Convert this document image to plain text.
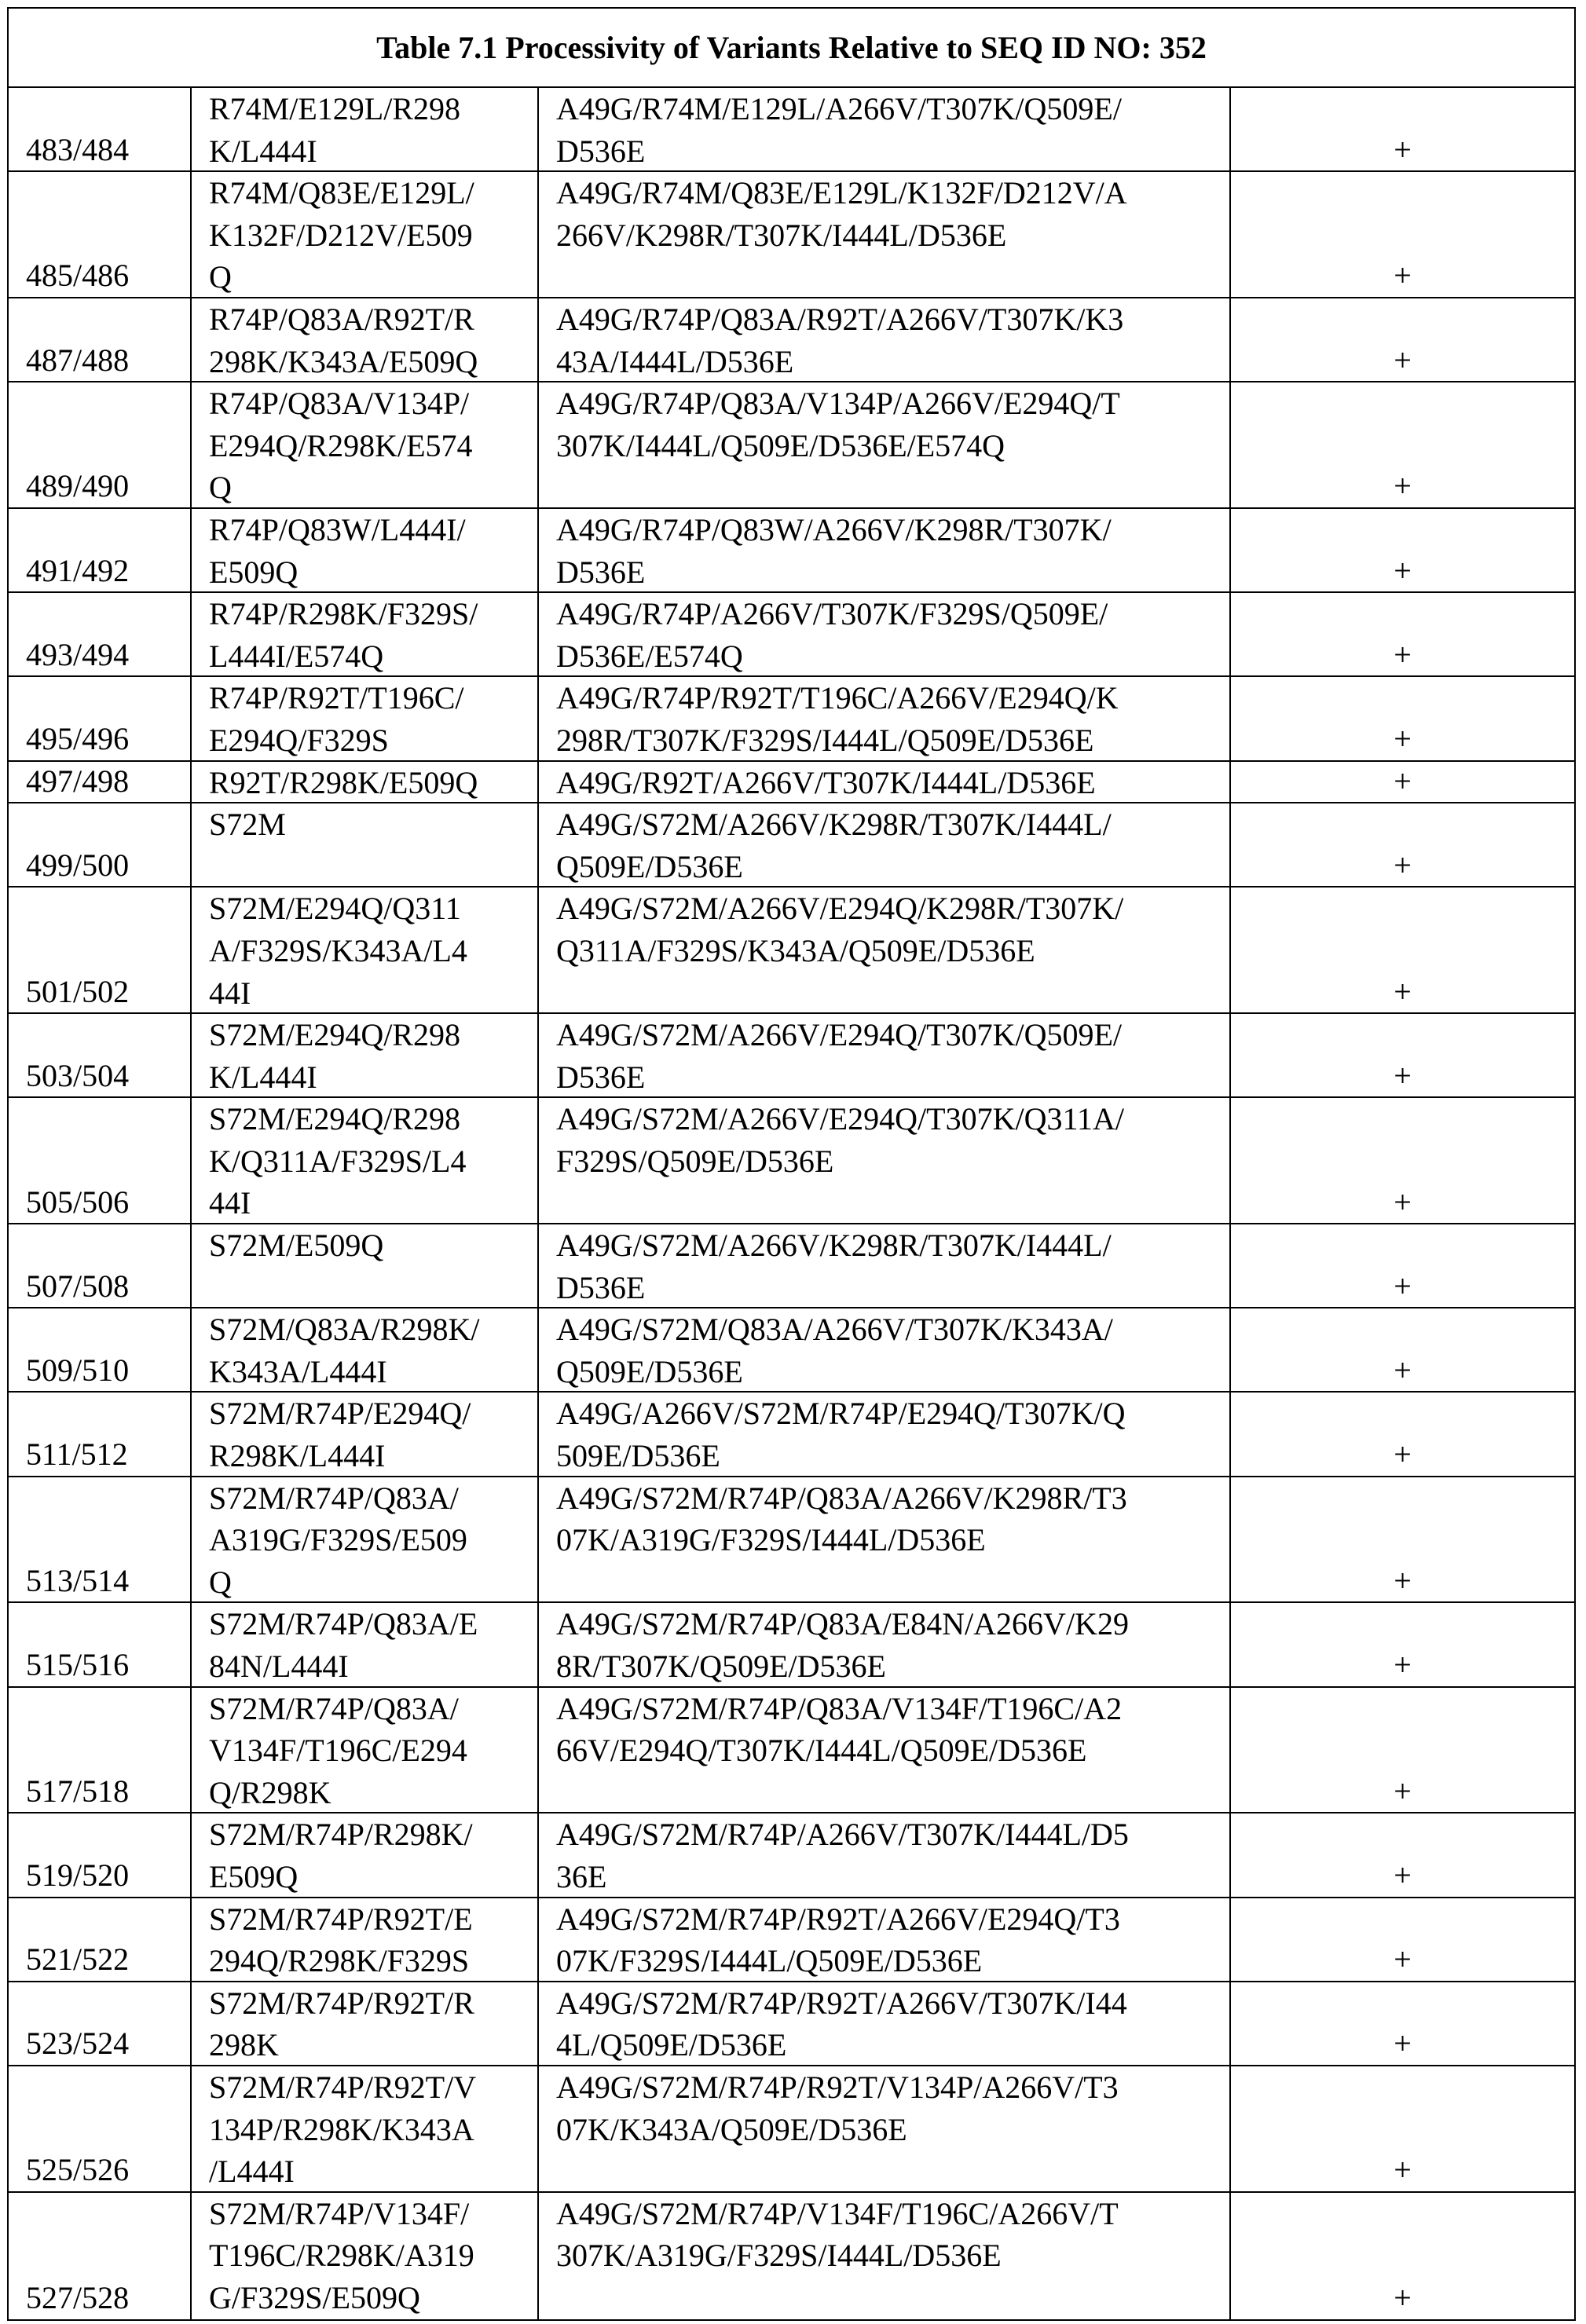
Table 7.1 Processivity of Variants Relative to SEQ ID NO: 352
483/484
R74M/E129L/R298
K/L444I
A49G/R74M/E129L/A266V/T307K/Q509E/
D536E	+
485/486
R74M/Q83E/E129L/
K132F/D212V/E509
Q
A49G/R74M/Q83E/E129L/K132F/D212V/A
266V/K298R/T307K/I444L/D536E
+
487/488
R74P/Q83A/R92T/R
298K/K343A/E509Q
A49G/R74P/Q83A/R92T/A266V/T307K/K3
43A/I444L/D536E	+
489/490
R74P/Q83A/V134P/
E294Q/R298K/E574
Q
A49G/R74P/Q83A/V134P/A266V/E294Q/T
307K/I444L/Q509E/D536E/E574Q
+
491/492
R74P/Q83W/L444I/
E509Q
A49G/R74P/Q83W/A266V/K298R/T307K/
D536E	+
493/494
R74P/R298K/F329S/
L444I/E574Q
A49G/R74P/A266V/T307K/F329S/Q509E/
D536E/E574Q	+
495/496
R74P/R92T/T196C/
E294Q/F329S
A49G/R74P/R92T/T196C/A266V/E294Q/K
298R/T307K/F329S/I444L/Q509E/D536E	+
497/498	R92T/R298K/E509Q	A49G/R92T/A266V/T307K/I444L/D536E	+
499/500
S72M	A49G/S72M/A266V/K298R/T307K/I444L/
Q509E/D536E	+
501/502
S72M/E294Q/Q311
A/F329S/K343A/L4
44I
A49G/S72M/A266V/E294Q/K298R/T307K/
Q311A/F329S/K343A/Q509E/D536E
+
503/504
S72M/E294Q/R298
K/L444I
A49G/S72M/A266V/E294Q/T307K/Q509E/
D536E	+
505/506
S72M/E294Q/R298
K/Q311A/F329S/L4
44I
A49G/S72M/A266V/E294Q/T307K/Q311A/
F329S/Q509E/D536E
+
507/508
S72M/E509Q	A49G/S72M/A266V/K298R/T307K/I444L/
D536E	+
509/510
S72M/Q83A/R298K/
K343A/L444I
A49G/S72M/Q83A/A266V/T307K/K343A/
Q509E/D536E	+
511/512
S72M/R74P/E294Q/
R298K/L444I
A49G/A266V/S72M/R74P/E294Q/T307K/Q
509E/D536E	+
513/514
S72M/R74P/Q83A/
A319G/F329S/E509
Q
A49G/S72M/R74P/Q83A/A266V/K298R/T3
07K/A319G/F329S/I444L/D536E
+
515/516
S72M/R74P/Q83A/E
84N/L444I
A49G/S72M/R74P/Q83A/E84N/A266V/K29
8R/T307K/Q509E/D536E	+
517/518
S72M/R74P/Q83A/
V134F/T196C/E294
Q/R298K
A49G/S72M/R74P/Q83A/V134F/T196C/A2
66V/E294Q/T307K/I444L/Q509E/D536E
+
519/520
S72M/R74P/R298K/
E509Q
A49G/S72M/R74P/A266V/T307K/I444L/D5
36E	+
521/522
S72M/R74P/R92T/E
294Q/R298K/F329S
A49G/S72M/R74P/R92T/A266V/E294Q/T3
07K/F329S/I444L/Q509E/D536E	+
523/524
S72M/R74P/R92T/R
298K
A49G/S72M/R74P/R92T/A266V/T307K/I44
4L/Q509E/D536E	+
525/526
S72M/R74P/R92T/V
134P/R298K/K343A
/L444I
A49G/S72M/R74P/R92T/V134P/A266V/T3
07K/K343A/Q509E/D536E
+
527/528
S72M/R74P/V134F/
T196C/R298K/A319
G/F329S/E509Q
A49G/S72M/R74P/V134F/T196C/A266V/T
307K/A319G/F329S/I444L/D536E
+
